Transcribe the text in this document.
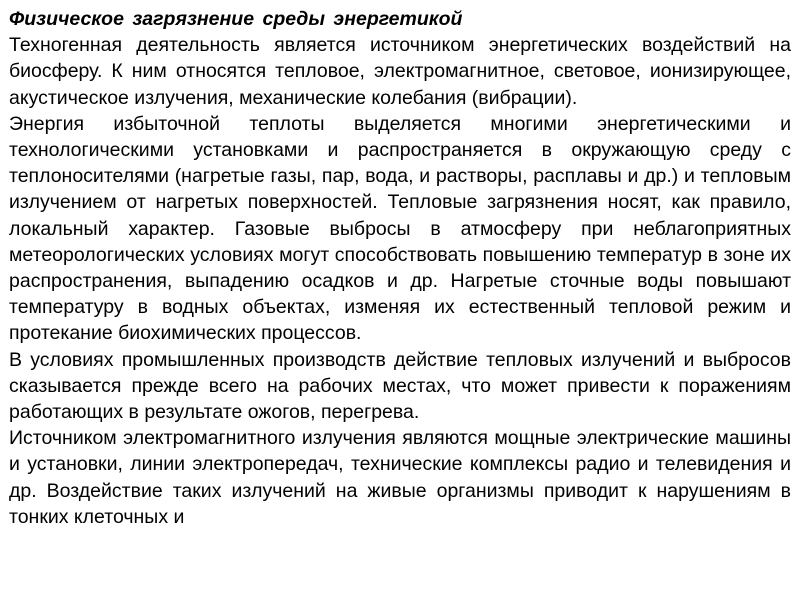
Физическое загрязнение среды энергетикой

Техногенная деятельность является источником энергетических воздействий на биосферу. К ним относятся тепловое, электромагнитное, световое, ионизирующее, акустическое излучения, механические колебания (вибрации).

Энергия избыточной теплоты выделяется многими энергетическими и технологическими установками и распространяется в окружающую среду с теплоносителями (нагретые газы, пар, вода, и растворы, расплавы и др.) и тепловым излучением от нагретых поверхностей. Тепловые загрязнения носят, как правило, локальный характер. Газовые выбросы в атмосферу при неблагоприятных метеорологических условиях могут способствовать повышению температур в зоне их распространения, выпадению осадков и др. Нагретые сточные воды повышают температуру в водных объектах, изменяя их естественный тепловой режим и протекание биохимических процессов.

В условиях промышленных производств действие тепловых излучений и выбросов сказывается прежде всего на рабочих местах, что может привести к поражениям работающих в результате ожогов, перегрева.

Источником электромагнитного излучения являются мощные электрические машины и установки, линии электропередач, технические комплексы радио и телевидения и др. Воздействие таких излучений на живые организмы приводит к нарушениям в тонких клеточных и
